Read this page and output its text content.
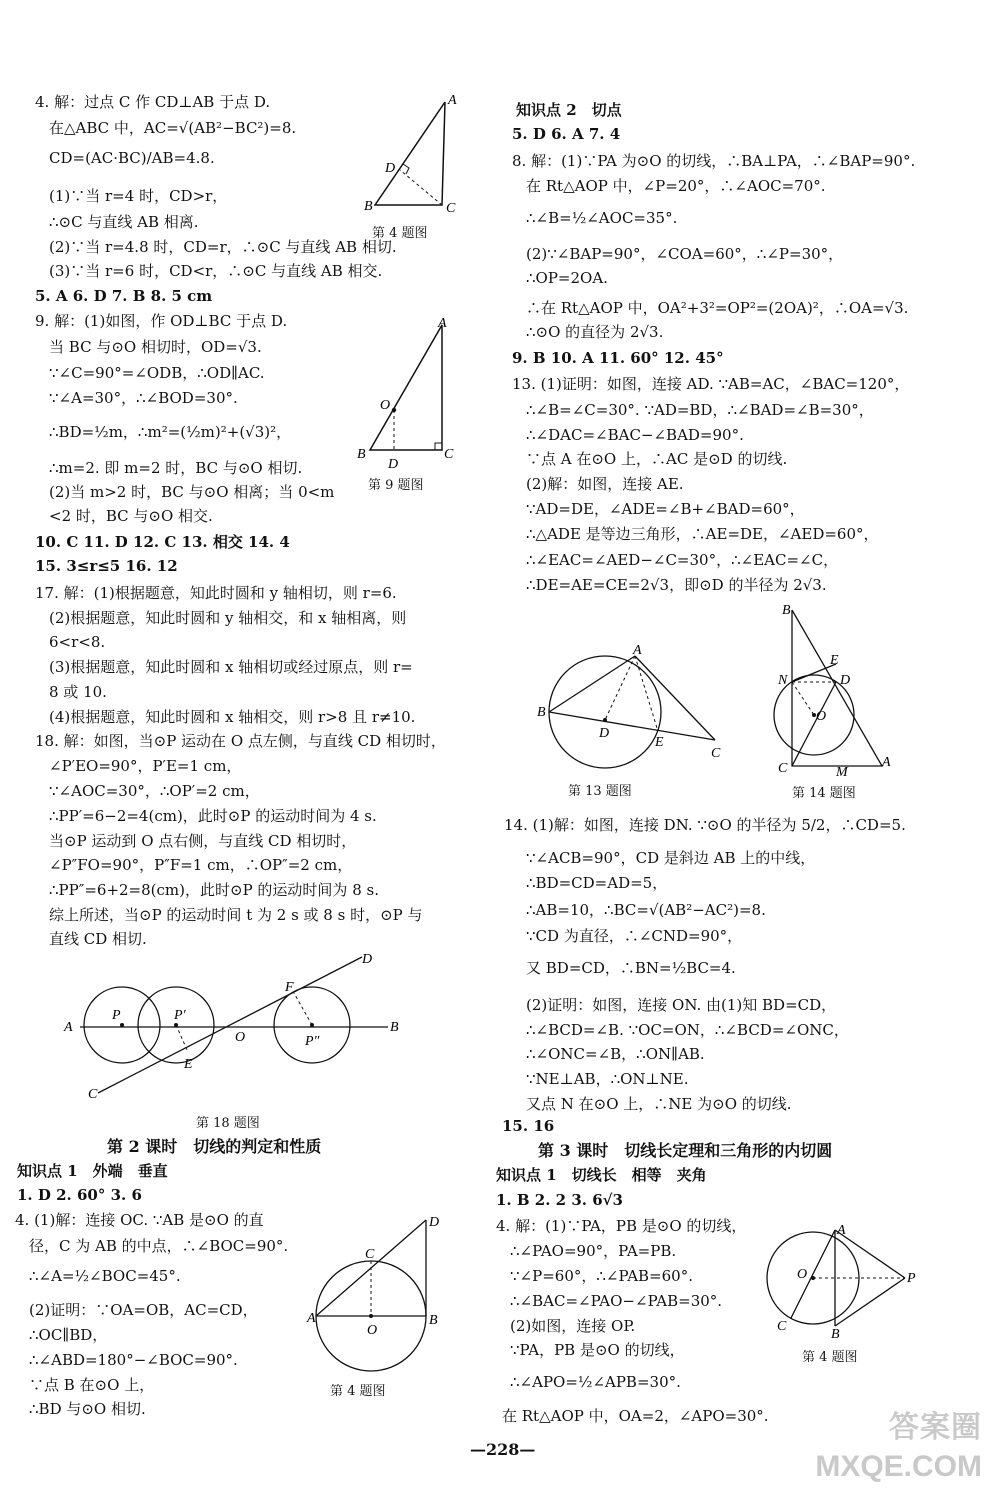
4. 解：过点 C 作 CD⊥AB 于点 D.
在△ABC 中，AC=√(AB²−BC²)=8.
CD=(AC·BC)/AB=4.8.
(1)∵当 r=4 时，CD>r，
∴⊙C 与直线 AB 相离.
(2)∵当 r=4.8 时，CD=r，∴⊙C 与直线 AB 相切.
(3)∵当 r=6 时，CD<r，∴⊙C 与直线 AB 相交.
5. A 6. D 7. B 8. 5 cm
9. 解：(1)如图，作 OD⊥BC 于点 D.
当 BC 与⊙O 相切时，OD=√3.
∵∠C=90°=∠ODB，∴OD∥AC.
∵∠A=30°，∴∠BOD=30°.
∴BD=½m，∴m²=(½m)²+(√3)²，
∴m=2. 即 m=2 时，BC 与⊙O 相切.
(2)当 m>2 时，BC 与⊙O 相离；当 0<m
<2 时，BC 与⊙O 相交.
10. C 11. D 12. C 13. 相交 14. 4
15. 3≤r≤5 16. 12
17. 解：(1)根据题意，知此时圆和 y 轴相切，则 r=6.
(2)根据题意，知此时圆和 y 轴相交，和 x 轴相离，则
6<r<8.
(3)根据题意，知此时圆和 x 轴相切或经过原点，则 r=
8 或 10.
(4)根据题意，知此时圆和 x 轴相交，则 r>8 且 r≠10.
18. 解：如图，当⊙P 运动在 O 点左侧，与直线 CD 相切时，
∠P′EO=90°，P′E=1 cm，
∵∠AOC=30°，∴OP′=2 cm，
∴PP′=6−2=4(cm)，此时⊙P 的运动时间为 4 s.
当⊙P 运动到 O 点右侧，与直线 CD 相切时，
∠P″FO=90°，P″F=1 cm，∴OP″=2 cm，
∴PP″=6+2=8(cm)，此时⊙P 的运动时间为 8 s.
综上所述，当⊙P 的运动时间 t 为 2 s 或 8 s 时，⊙P 与
直线 CD 相切.
第 2 课时　切线的判定和性质
知识点 1　外端　垂直
1. D 2. 60° 3. 6
4. (1)解：连接 OC. ∵AB 是⊙O 的直
径，C 为 AB 的中点，∴∠BOC=90°.
∴∠A=½∠BOC=45°.
(2)证明：∵OA=OB，AC=CD，
∴OC∥BD，
∴∠ABD=180°−∠BOC=90°.
∵点 B 在⊙O 上，
∴BD 与⊙O 相切.
A
D
B	C
第 4 题图
A
O
B
D
C
第 9 题图
A
P	P′
O
E
F
P″
B
D
C
第 18 题图
D
C
A
O
B
第 4 题图
知识点 2　切点
5. D 6. A 7. 4
8. 解：(1)∵PA 为⊙O 的切线，∴BA⊥PA，∴∠BAP=90°.
在 Rt△AOP 中，∠P=20°，∴∠AOC=70°.
∴∠B=½∠AOC=35°.
(2)∵∠BAP=90°，∠COA=60°，∴∠P=30°，
∴OP=2OA.
∴在 Rt△AOP 中，OA²+3²=OP²=(2OA)²，∴OA=√3.
∴⊙O 的直径为 2√3.
9. B 10. A 11. 60° 12. 45°
13. (1)证明：如图，连接 AD. ∵AB=AC，∠BAC=120°，
∴∠B=∠C=30°. ∵AD=BD，∴∠BAD=∠B=30°，
∴∠DAC=∠BAC−∠BAD=90°.
∵点 A 在⊙O 上，∴AC 是⊙D 的切线.
(2)解：如图，连接 AE.
∵AD=DE，∠ADE=∠B+∠BAD=60°，
∴△ADE 是等边三角形，∴AE=DE，∠AED=60°，
∴∠EAC=∠AED−∠C=30°，∴∠EAC=∠C，
∴DE=AE=CE=2√3，即⊙D 的半径为 2√3.
14. (1)解：如图，连接 DN. ∵⊙O 的半径为 5/2，∴CD=5.
∵∠ACB=90°，CD 是斜边 AB 上的中线，
∴BD=CD=AD=5，
∴AB=10，∴BC=√(AB²−AC²)=8.
∵CD 为直径，∴∠CND=90°，
又 BD=CD，∴BN=½BC=4.
(2)证明：如图，连接 ON. 由(1)知 BD=CD，
∴∠BCD=∠B. ∵OC=ON，∴∠BCD=∠ONC，
∴∠ONC=∠B，∴ON∥AB.
∵NE⊥AB，∴ON⊥NE.
又点 N 在⊙O 上，∴NE 为⊙O 的切线.
15. 16
第 3 课时　切线长定理和三角形的内切圆
知识点 1　切线长　相等　夹角
1. B 2. 2 3. 6√3
4. 解：(1)∵PA，PB 是⊙O 的切线，
∴∠PAO=90°，PA=PB.
∵∠P=60°，∴∠PAB=60°.
∴∠BAC=∠PAO−∠PAB=30°.
(2)如图，连接 OP.
∵PA，PB 是⊙O 的切线，
∴∠APO=½∠APB=30°.
在 Rt△AOP 中，OA=2，∠APO=30°.
A
B
D
E
C
第 13 题图
B
E
D
N
O
C	M
A
第 14 题图
A
O	P
C
B
第 4 题图
—228—
答案圈
MXQE.COM
